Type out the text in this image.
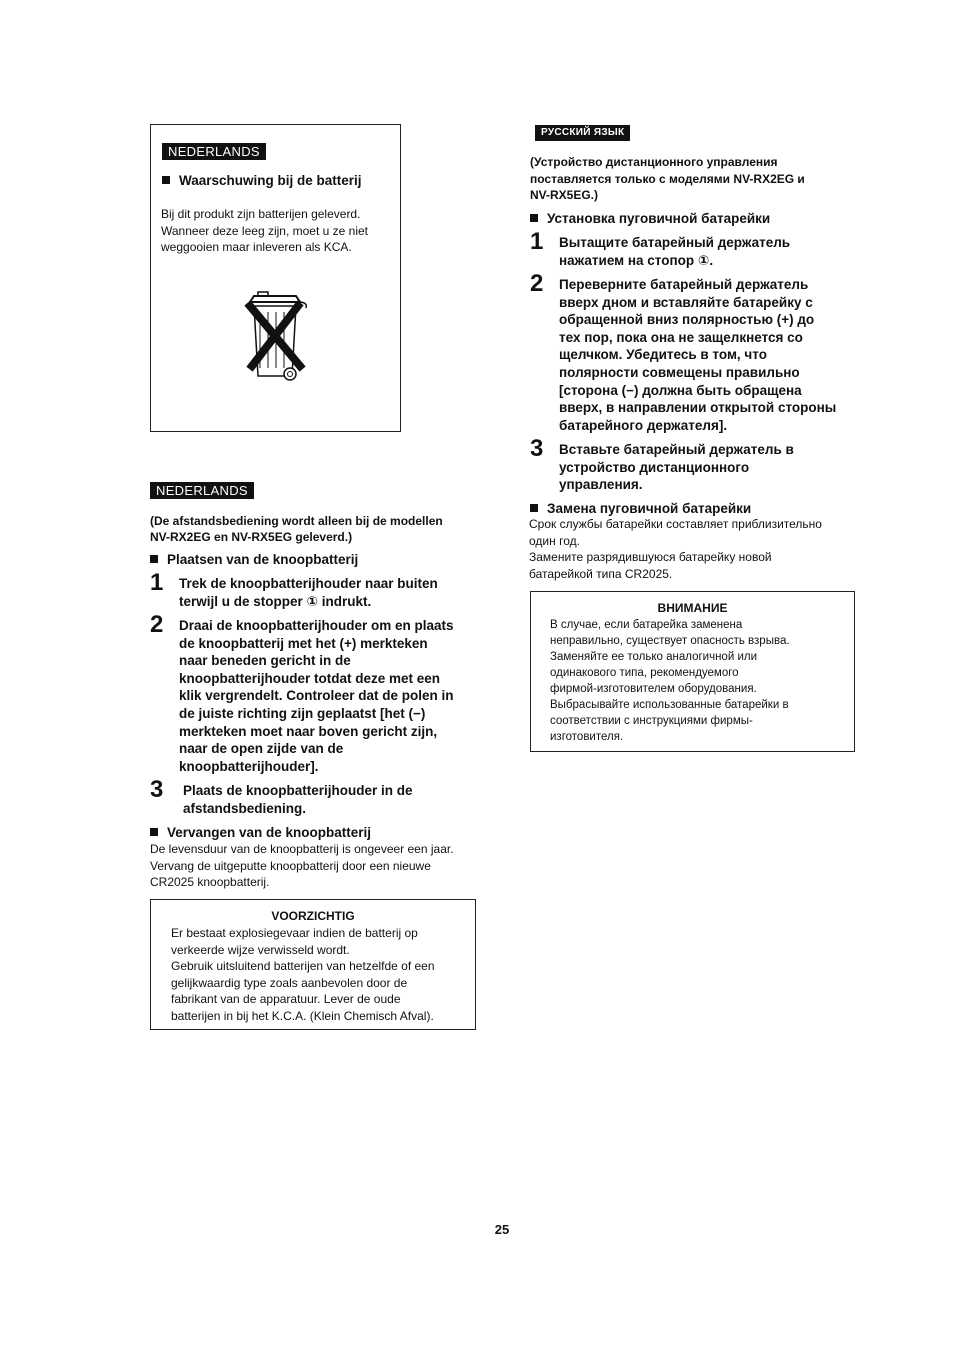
NEDERLANDS
Waarschuwing bij de batterij
Bij dit produkt zijn batterijen geleverd.
Wanneer deze leeg zijn, moet u ze niet
weggooien maar inleveren als KCA.
NEDERLANDS
(De afstandsbediening wordt alleen bij de modellen
NV-RX2EG en NV-RX5EG geleverd.)
Plaatsen van de knoopbatterij
1 Trek de knoopbatterijhouder naar buiten
terwijl u de stopper ① indrukt.
2 Draai de knoopbatterijhouder om en plaats
de knoopbatterij met het (+) merkteken
naar beneden gericht in de
knoopbatterijhouder totdat deze met een
klik vergrendelt. Controleer dat de polen in
de juiste richting zijn geplaatst [het (−)
merkteken moet naar boven gericht zijn,
naar de open zijde van de
knoopbatterijhouder].
3 Plaats de knoopbatterijhouder in de
afstandsbediening.
Vervangen van de knoopbatterij
De levensduur van de knoopbatterij is ongeveer een jaar.
Vervang de uitgeputte knoopbatterij door een nieuwe
CR2025 knoopbatterij.
VOORZICHTIG
Er bestaat explosiegevaar indien de batterij op
verkeerde wijze verwisseld wordt.
Gebruik uitsluitend batterijen van hetzelfde of een
gelijkwaardig type zoals aanbevolen door de
fabrikant van de apparatuur. Lever de oude
batterijen in bij het K.C.A. (Klein Chemisch Afval).
РУССКИЙ ЯЗЫК
(Устройство дистанционного управления
поставляется только с моделями NV-RX2EG и
NV-RX5EG.)
Установка пуговичной батарейки
1 Вытащите батарейный держатель
нажатием на стопор ①.
2 Переверните батарейный держатель
вверх дном и вставляйте батарейку с
обращенной вниз полярностью (+) до
тех пор, пока она не защелкнется со
щелчком. Убедитесь в том, что
полярности совмещены правильно
[сторона (−) должна быть обращена
вверх, в направлении открытой стороны
батарейного держателя].
3 Вставьте батарейный держатель в
устройство дистанционного
управления.
Замена пуговичной батарейки
Срок службы батарейки составляет приблизительно
один год.
Замените разрядившуюся батарейку новой
батарейкой типа CR2025.
ВНИМАНИЕ
В случае, если батарейка заменена
неправильно, существует опасность взрыва.
Заменяйте ее только аналогичной или
одинакового типа, рекомендуемого
фирмой-изготовителем оборудования.
Выбрасывайте использованные батарейки в
соответствии с инструкциями фирмы-
изготовителя.
25
